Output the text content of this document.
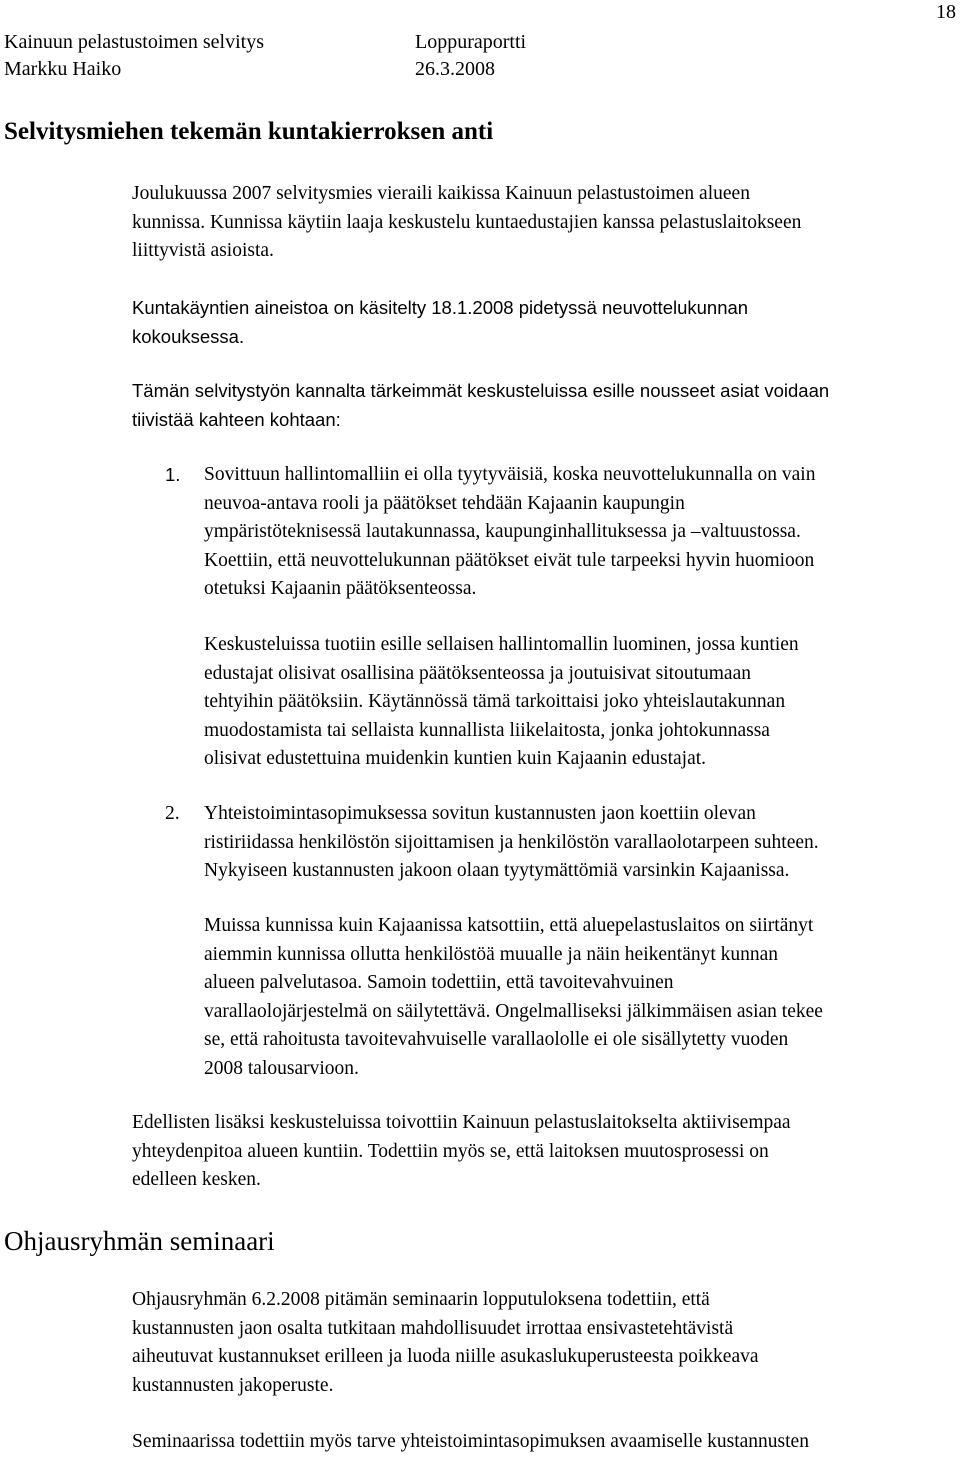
Kainuun pelastustoimen selvitys	Loppuraportti
Markku Haiko	26.3.2008
18
Selvitysmiehen tekemän kuntakierroksen anti
Joulukuussa 2007 selvitysmies vieraili kaikissa Kainuun pelastustoimen alueen
kunnissa. Kunnissa käytiin laaja keskustelu kuntaedustajien kanssa pelastuslaitokseen
liittyvistä asioista.
Kuntakäyntien aineistoa on käsitelty 18.1.2008 pidetyssä neuvottelukunnan
kokouksessa.
Tämän selvitystyön kannalta tärkeimmät keskusteluissa esille nousseet asiat voidaan
tiivistää kahteen kohtaan:
1. Sovittuun hallintomalliin ei olla tyytyväisiä, koska neuvottelukunnalla on vain
neuvoa-antava rooli ja päätökset tehdään Kajaanin kaupungin
ympäristöteknisessä lautakunnassa, kaupunginhallituksessa ja –valtuustossa.
Koettiin, että neuvottelukunnan päätökset eivät tule tarpeeksi hyvin huomioon
otetuksi Kajaanin päätöksenteossa.
Keskusteluissa tuotiin esille sellaisen hallintomallin luominen, jossa kuntien
edustajat olisivat osallisina päätöksenteossa ja joutuisivat sitoutumaan
tehtyihin päätöksiin. Käytännössä tämä tarkoittaisi joko yhteislautakunnan
muodostamista tai sellaista kunnallista liikelaitosta, jonka johtokunnassa
olisivat edustettuina muidenkin kuntien kuin Kajaanin edustajat.
2. Yhteistoimintasopimuksessa sovitun kustannusten jaon koettiin olevan
ristiriidassa henkilöstön sijoittamisen ja henkilöstön varallaolotarpeen suhteen.
Nykyiseen kustannusten jakoon olaan tyytymättömiä varsinkin Kajaanissa.
Muissa kunnissa kuin Kajaanissa katsottiin, että aluepelastuslaitos on siirtänyt
aiemmin kunnissa ollutta henkilöstöä muualle ja näin heikentänyt kunnan
alueen palvelutasoa. Samoin todettiin, että tavoitevahvuinen
varallaolojärjestelmä on säilytettävä. Ongelmalliseksi jälkimmäisen asian tekee
se, että rahoitusta tavoitevahvuiselle varallaololle ei ole sisällytetty vuoden
2008 talousarvioon.
Edellisten lisäksi keskusteluissa toivottiin Kainuun pelastuslaitokselta aktiivisempaa
yhteydenpitoa alueen kuntiin. Todettiin myös se, että laitoksen muutosprosessi on
edelleen kesken.
Ohjausryhmän seminaari
Ohjausryhmän 6.2.2008 pitämän seminaarin lopputuloksena todettiin, että
kustannusten jaon osalta tutkitaan mahdollisuudet irrottaa ensivastetehtävistä
aiheutuvat kustannukset erilleen ja luoda niille asukaslukuperusteesta poikkeava
kustannusten jakoperuste.
Seminaarissa todettiin myös tarve yhteistoimintasopimuksen avaamiselle kustannusten
